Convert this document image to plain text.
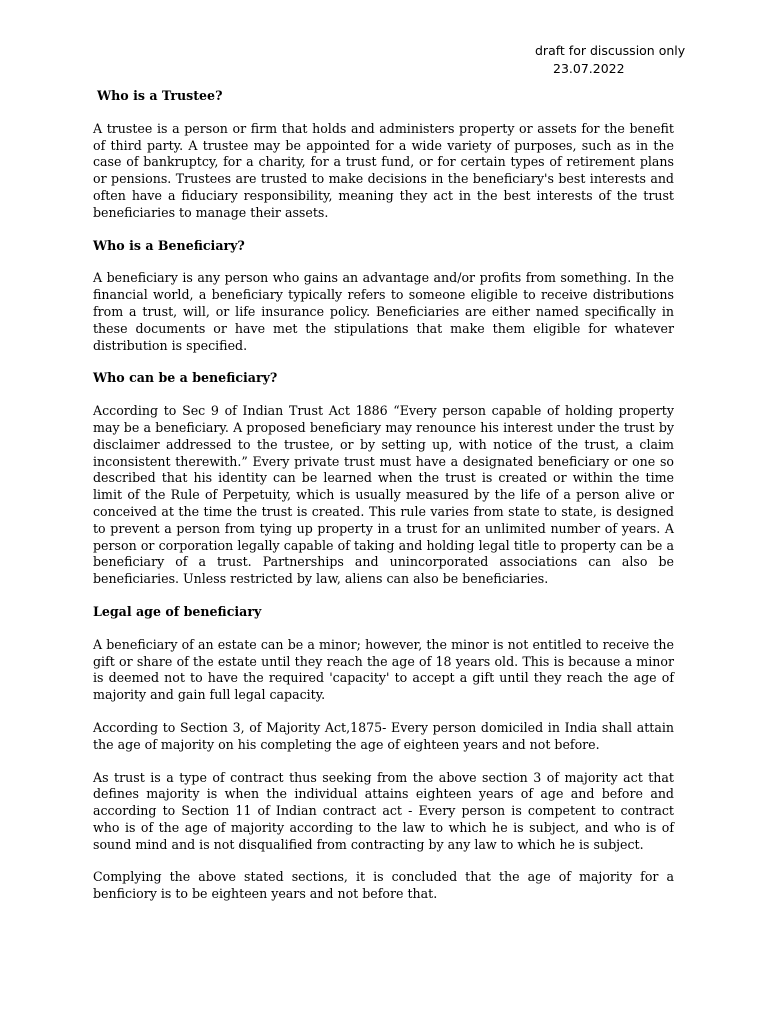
draft for discussion only
23.07.2022
Who is a Trustee?

A trustee is a person or firm that holds and administers property or assets for the benefit of third party. A trustee may be appointed for a wide variety of purposes, such as in the case of bankruptcy, for a charity, for a trust fund, or for certain types of retirement plans or pensions. Trustees are trusted to make decisions in the beneficiary's best interests and often have a fiduciary responsibility, meaning they act in the best interests of the trust beneficiaries to manage their assets.

Who is a Beneficiary?

A beneficiary is any person who gains an advantage and/or profits from something. In the financial world, a beneficiary typically refers to someone eligible to receive distributions from a trust, will, or life insurance policy. Beneficiaries are either named specifically in these documents or have met the stipulations that make them eligible for whatever distribution is specified.

Who can be a beneficiary?

According to Sec 9 of Indian Trust Act 1886 “Every person capable of holding property may be a beneficiary. A proposed beneficiary may renounce his interest under the trust by disclaimer addressed to the trustee, or by setting up, with notice of the trust, a claim inconsistent therewith.” Every private trust must have a designated beneficiary or one so described that his identity can be learned when the trust is created or within the time limit of the Rule of Perpetuity, which is usually measured by the life of a person alive or conceived at the time the trust is created. This rule varies from state to state, is designed to prevent a person from tying up property in a trust for an unlimited number of years. A person or corporation legally capable of taking and holding legal title to property can be a beneficiary of a trust. Partnerships and unincorporated associations can also be beneficiaries. Unless restricted by law, aliens can also be beneficiaries.

Legal age of beneficiary

A beneficiary of an estate can be a minor; however, the minor is not entitled to receive the gift or share of the estate until they reach the age of 18 years old. This is because a minor is deemed not to have the required 'capacity' to accept a gift until they reach the age of majority and gain full legal capacity.

According to Section 3, of Majority Act,1875- Every person domiciled in India shall attain the age of majority on his completing the age of eighteen years and not before.

As trust is a type of contract thus seeking from the above section 3 of majority act that defines majority is when the individual attains eighteen years of age and before and according to Section 11 of Indian contract act - Every person is competent to contract who is of the age of majority according to the law to which he is subject, and who is of sound mind and is not disqualified from contracting by any law to which he is subject.

Complying the above stated sections, it is concluded that the age of majority for a benficiory is to be eighteen years and not before that.
